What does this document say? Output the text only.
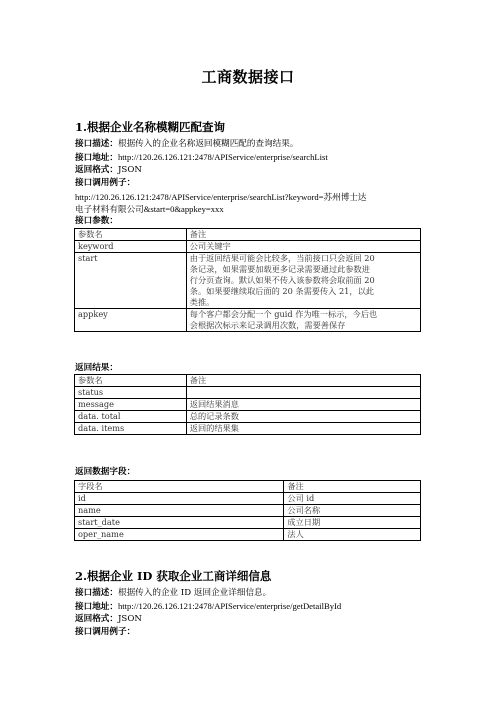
工商数据接口
1.根据企业名称模糊匹配查询
接口描述：根据传入的企业名称返回模糊匹配的查询结果。
接口地址：http://120.26.126.121:2478/APIService/enterprise/searchList
返回格式：JSON
接口调用例子：
http://120.26.126.121:2478/APIService/enterprise/searchList?keyword=苏州博士达
电子材料有限公司&start=0&appkey=xxx
接口参数：
参数名	备注
keyword	公司关键字

start	由于返回结果可能会比较多，当前接口只会返回 20
条记录，如果需要加载更多记录需要通过此参数进
行分页查询。默认如果不传入该参数将会取前面 20
条。如果要继续取后面的 20 条需要传入 21，以此
类推。

appkey	每个客户都会分配一个 guid 作为唯一标示，今后也
会根据次标示来记录调用次数，需要善保存
返回结果：
参数名	备注
status	
message	返回结果消息
data. total	总的记录条数
data. items	返回的结果集
返回数据字段：
字段名	备注
id	公司 id
name	公司名称
start_date	成立日期
oper_name	法人
2.根据企业 ID 获取企业工商详细信息
接口描述：根据传入的企业 ID 返回企业详细信息。
接口地址：http://120.26.126.121:2478/APIService/enterprise/getDetailById
返回格式：JSON
接口调用例子：
